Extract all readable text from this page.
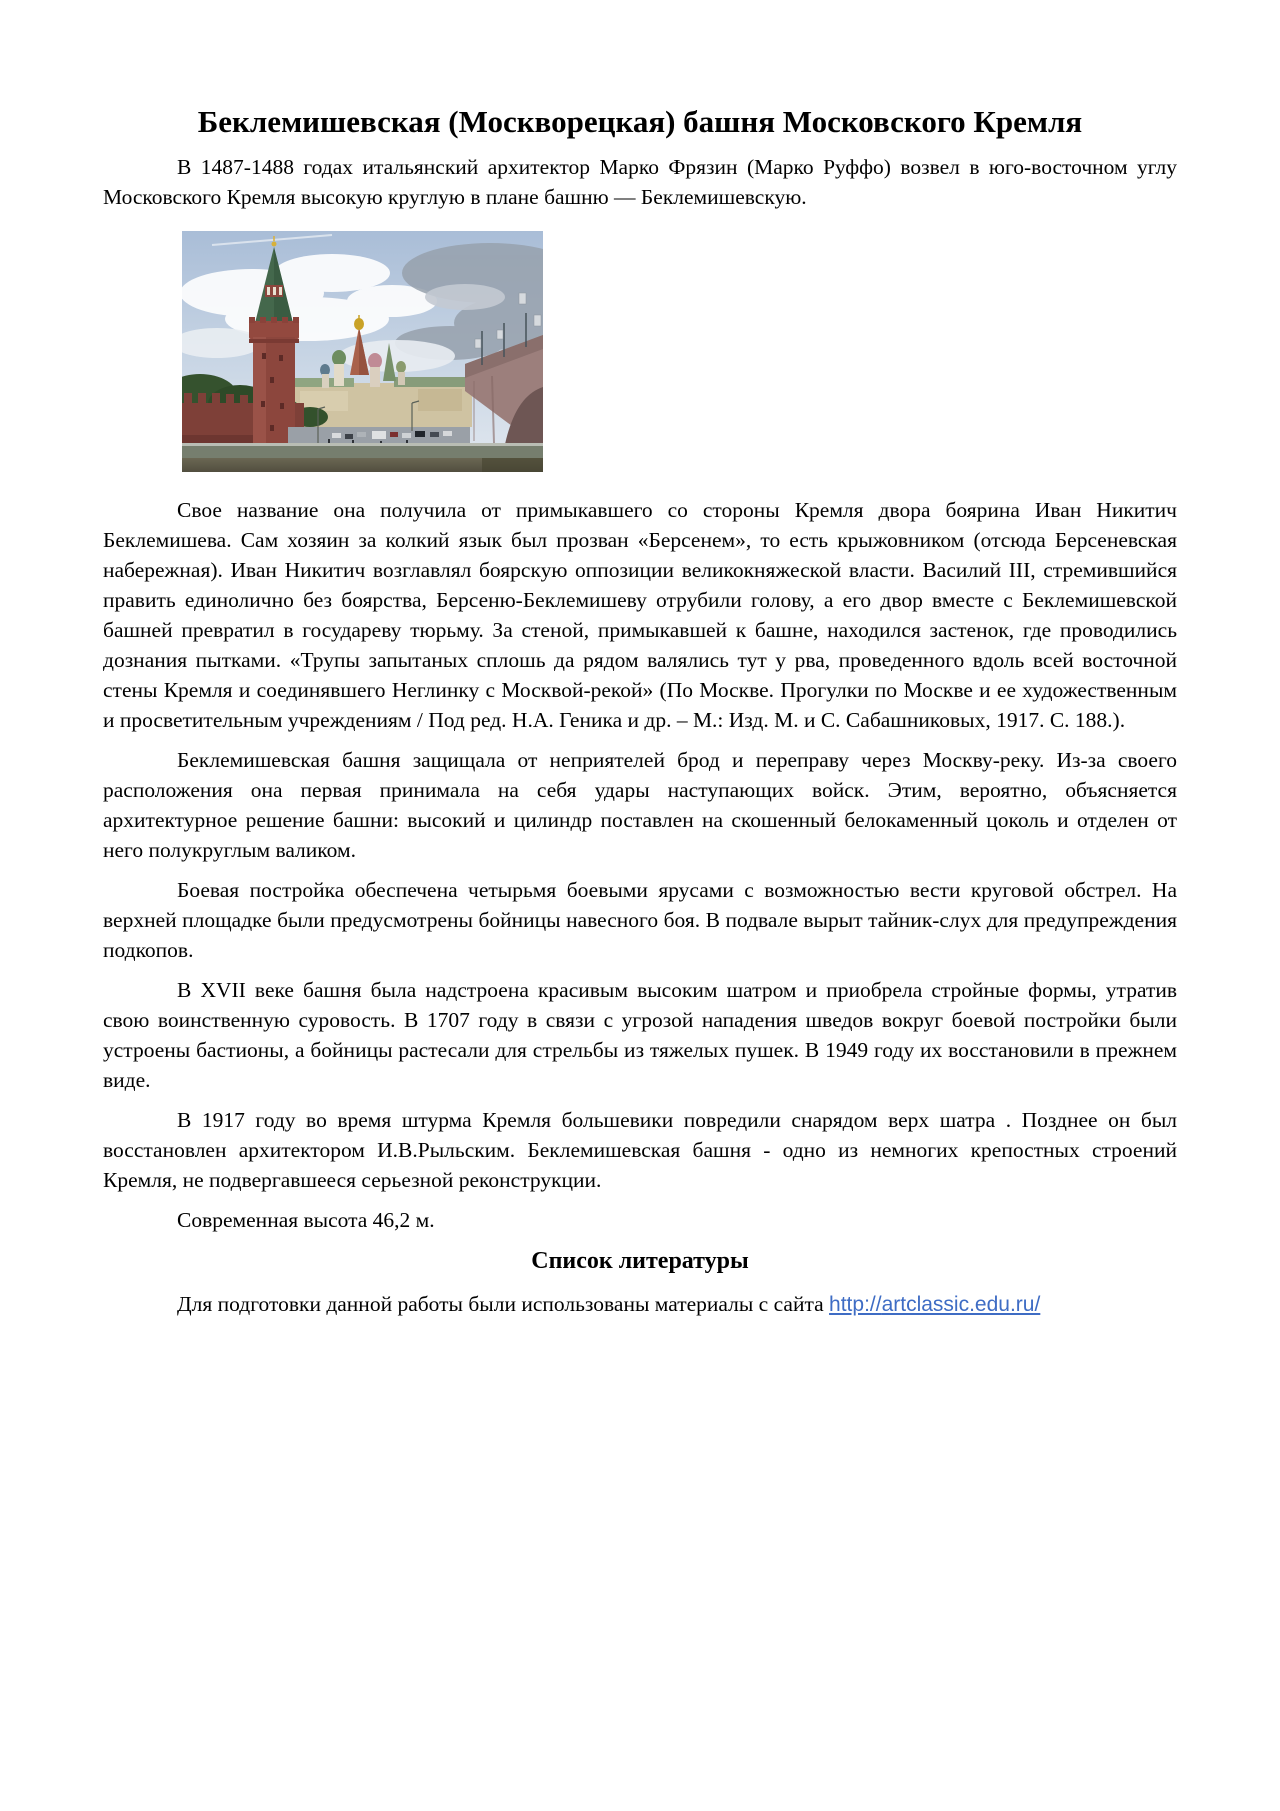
Беклемишевская (Москворецкая) башня Московского Кремля

В 1487-1488 годах итальянский архитектор Марко Фрязин (Марко Руффо) возвел в юго-восточном углу Московского Кремля высокую круглую в плане башню — Беклемишевскую.

Свое название она получила от примыкавшего со стороны Кремля двора боярина Иван Никитич Беклемишева. Сам хозяин за колкий язык был прозван «Берсенем», то есть крыжовником (отсюда Берсеневская набережная). Иван Никитич возглавлял боярскую оппозиции великокняжеской власти. Василий III, стремившийся править единолично без боярства, Берсеню-Беклемишеву отрубили голову, а его двор вместе с Беклемишевской башней превратил в государеву тюрьму. За стеной, примыкавшей к башне, находился застенок, где проводились дознания пытками. «Трупы запытаных сплошь да рядом валялись тут у рва, проведенного вдоль всей восточной стены Кремля и соединявшего Неглинку с Москвой-рекой» (По Москве. Прогулки по Москве и ее художественным и просветительным учреждениям / Под ред. Н.А. Геника и др. – М.: Изд. М. и С. Сабашниковых, 1917. С. 188.).

Беклемишевская башня защищала от неприятелей брод и переправу через Москву-реку. Из-за своего расположения она первая принимала на себя удары наступающих войск. Этим, вероятно, объясняется архитектурное решение башни: высокий и цилиндр поставлен на скошенный белокаменный цоколь и отделен от него полукруглым валиком.

Боевая постройка обеспечена четырьмя боевыми ярусами с возможностью вести круговой обстрел. На верхней площадке были предусмотрены бойницы навесного боя. В подвале вырыт тайник-слух для предупреждения подкопов.

В XVII веке башня была надстроена красивым высоким шатром и приобрела стройные формы, утратив свою воинственную суровость. В 1707 году в связи с угрозой нападения шведов вокруг боевой постройки были устроены бастионы, а бойницы растесали для стрельбы из тяжелых пушек. В 1949 году их восстановили в прежнем виде.

В 1917 году во время штурма Кремля большевики повредили снарядом верх шатра . Позднее он был восстановлен архитектором И.В.Рыльским. Беклемишевская башня - одно из немногих крепостных строений Кремля, не подвергавшееся серьезной реконструкции.

Современная высота 46,2 м.

Список литературы

Для подготовки данной работы были использованы материалы с сайта http://artclassic.edu.ru/
